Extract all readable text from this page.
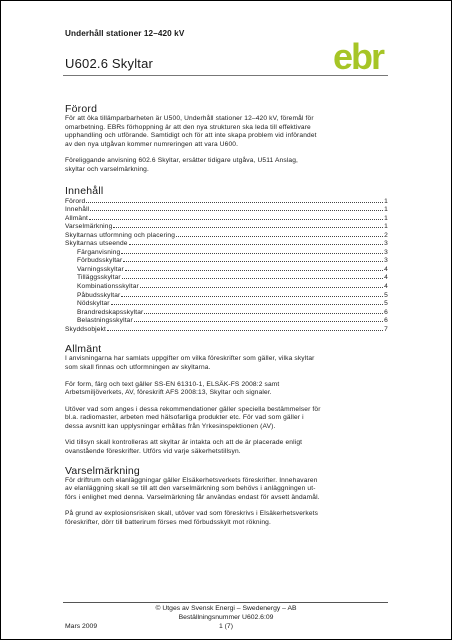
Underhåll stationer 12–420 kV
ebr
U602.6 Skyltar
Förord

För att öka tillämparbarheten är U500, Underhåll stationer 12–420 kV, föremål för
omarbetning. EBRs förhoppning är att den nya strukturen ska leda till effektivare
upphandling och utförande. Samtidigt och för att inte skapa problem vid införandet
av den nya utgåvan kommer numreringen att vara U600.

Föreliggande anvisning 602.6 Skyltar, ersätter tidigare utgåva, U511 Anslag,
skyltar och varselmärkning.

Innehåll
Förord	1
Innehåll	1
Allmänt	1
Varselmärkning	1
Skyltarnas utformning och placering	2
Skyltarnas utseende	3
Färganvisning	3
Förbudsskyltar	3
Varningsskyltar	4
Tilläggsskyltar	4
Kombinationsskyltar	4
Påbudsskyltar	5
Nödskyltar	5
Brandredskapsskyltar	6
Belastningsskyltar	6
Skyddsobjekt	7
Allmänt

I anvisningarna har samlats uppgifter om vilka föreskrifter som gäller, vilka skyltar
som skall finnas och utformningen av skyltarna.

För form, färg och text gäller SS-EN 61310-1, ELSÄK-FS 2008:2 samt
Arbetsmiljöverkets, AV, föreskrift AFS 2008:13, Skyltar och signaler.

Utöver vad som anges i dessa rekommendationer gäller speciella bestämmelser för
bl.a. radiomaster, arbeten med hälsofarliga produkter etc. För vad som gäller i
dessa avsnitt kan upplysningar erhållas från Yrkesinspektionen (AV).

Vid tillsyn skall kontrolleras att skyltar är intakta och att de är placerade enligt
ovanstående föreskrifter. Utförs vid varje säkerhetstillsyn.

Varselmärkning

För driftrum och elanläggningar gäller Elsäkerhetsverkets föreskrifter. Innehavaren
av elanläggning skall se till att den varselmärkning som behövs i anläggningen ut-
förs i enlighet med denna. Varselmärkning får användas endast för avsett ändamål.

På grund av explosionsrisken skall, utöver vad som föreskrivs i Elsäkerhetsverkets
föreskrifter, dörr till batterirum förses med förbudsskylt mot rökning.

© Utges av Svensk Energi – Swedenergy – AB
Beställningsnummer U602.6:09
1 (7)
Mars 2009
